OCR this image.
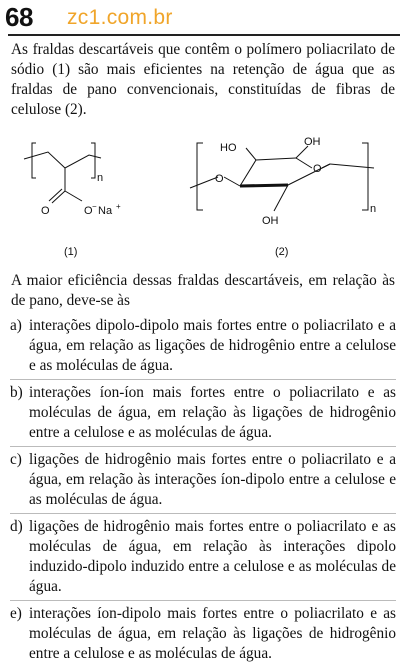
68 zc1.com.br
As fraldas descartáveis que contêm o polímero poliacrilato de sódio (1) são mais eficientes na retenção de água que as fraldas de pano convencionais, constituídas de fibras de celulose (2).
n
O	O − Na +
(1)
HO	OH
O
O
OH
n
(2)
A maior eficiência dessas fraldas descartáveis, em relação às de pano, deve-se às
a) interações dipolo-dipolo mais fortes entre o poliacrilato e a água, em relação as ligações de hidrogênio entre a celulose e as moléculas de água.
b) interações íon-íon mais fortes entre o poliacrilato e as moléculas de água, em relação às ligações de hidrogênio entre a celulose e as moléculas de água.
c) ligações de hidrogênio mais fortes entre o poliacrilato e a água, em relação às interações íon-dipolo entre a celulose e as moléculas de água.
d) ligações de hidrogênio mais fortes entre o poliacrilato e as moléculas de água, em relação às interações dipolo induzido-dipolo induzido entre a celulose e as moléculas de água.
e) interações íon-dipolo mais fortes entre o poliacrilato e as moléculas de água, em relação às ligações de hidrogênio entre a celulose e as moléculas de água.
